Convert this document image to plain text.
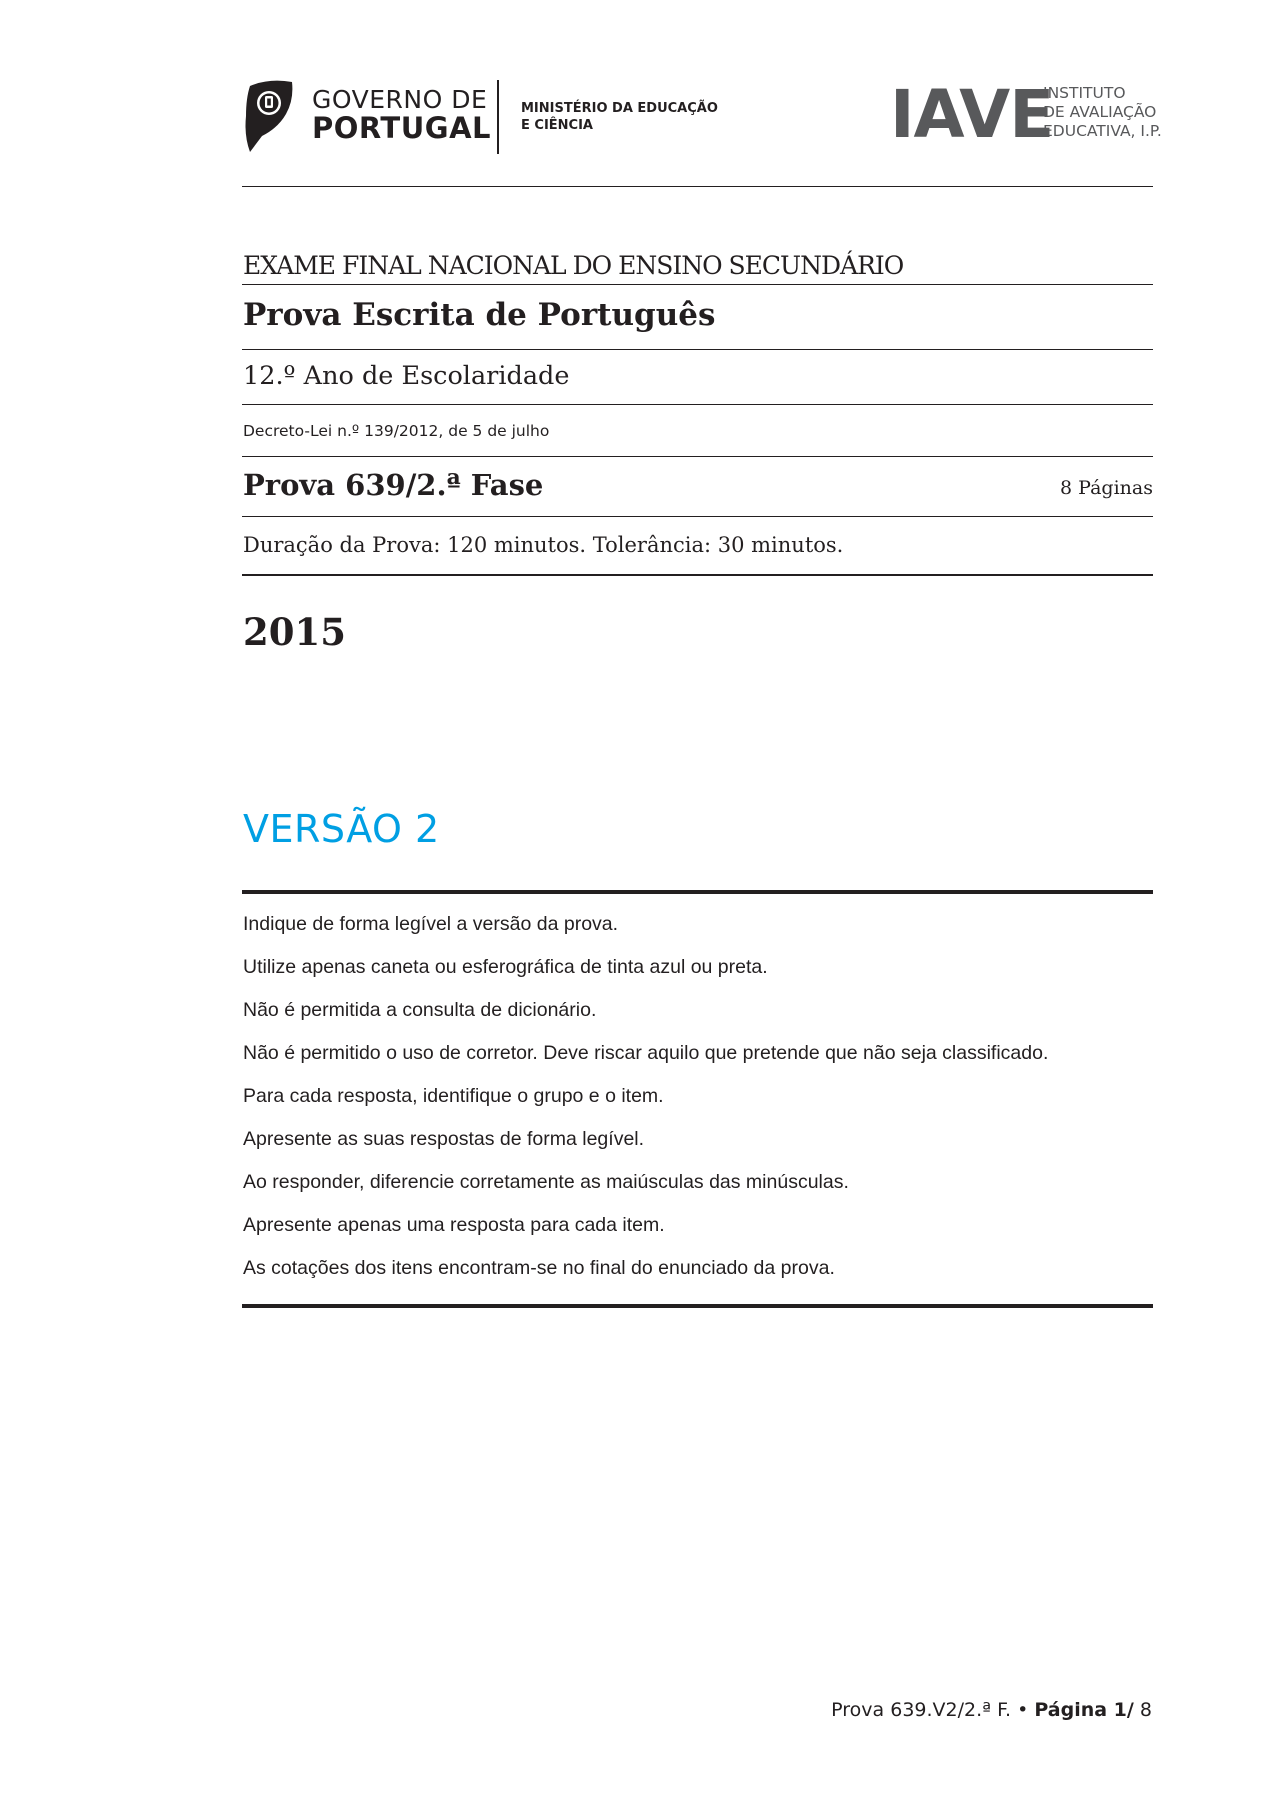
GOVERNO DE
PORTUGAL
MINISTÉRIO DA EDUCAÇÃO
E CIÊNCIA	IAVE
INSTITUTO
DE AVALIAÇÃO
EDUCATIVA, I.P.
EXAME FINAL NACIONAL DO ENSINO SECUNDÁRIO
Prova Escrita de Português
12.º Ano de Escolaridade
Decreto-Lei n.º 139/2012, de 5 de julho
Prova 639/2.ª Fase	8 Páginas
Duração da Prova: 120 minutos. Tolerância: 30 minutos.
2015
VERSÃO 2
Indique de forma legível a versão da prova.
Utilize apenas caneta ou esferográfica de tinta azul ou preta.
Não é permitida a consulta de dicionário.
Não é permitido o uso de corretor. Deve riscar aquilo que pretende que não seja classificado.
Para cada resposta, identifique o grupo e o item.
Apresente as suas respostas de forma legível.
Ao responder, diferencie corretamente as maiúsculas das minúsculas.
Apresente apenas uma resposta para cada item.
As cotações dos itens encontram-se no final do enunciado da prova.
Prova 639.V2/2.ª F. • Página 1/ 8
